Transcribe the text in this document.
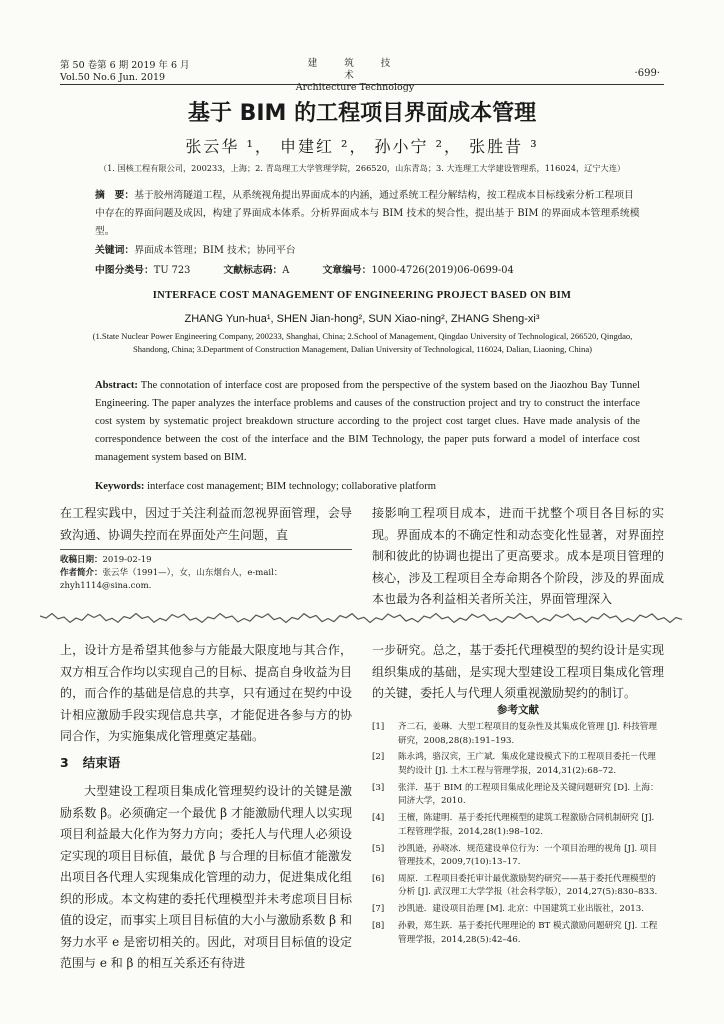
第 50 卷第 6 期 2019 年 6 月
Vol.50 No.6 Jun. 2019
建 筑 技 术
Architecture Technology
·699·
基于 BIM 的工程项目界面成本管理
张云华 ¹， 申建红 ²， 孙小宁 ²， 张胜昔 ³
（1. 国核工程有限公司，200233，上海；2. 青岛理工大学管理学院，266520，山东青岛；3. 大连理工大学建设管理系，116024，辽宁大连）
摘　要：基于胶州湾隧道工程，从系统视角提出界面成本的内涵，通过系统工程分解结构，按工程成本目标线索分析工程项目中存在的界面问题及成因，构建了界面成本体系。分析界面成本与 BIM 技术的契合性，提出基于 BIM 的界面成本管理系统模型。
关键词：界面成本管理；BIM 技术；协同平台
中图分类号：TU 723	文献标志码：A	文章编号：1000-4726(2019)06-0699-04
INTERFACE COST MANAGEMENT OF ENGINEERING PROJECT BASED ON BIM
ZHANG Yun-hua¹, SHEN Jian-hong², SUN Xiao-ning², ZHANG Sheng-xi³
(1.State Nuclear Power Engineering Company, 200233, Shanghai, China; 2.School of Management, Qingdao University of Technological, 266520, Qingdao, Shandong, China; 3.Department of Construction Management, Dalian University of Technological, 116024, Dalian, Liaoning, China)
Abstract: The connotation of interface cost are proposed from the perspective of the system based on the Jiaozhou Bay Tunnel Engineering. The paper analyzes the interface problems and causes of the construction project and try to construct the interface cost system by systematic project breakdown structure according to the project cost target clues. Have made analysis of the correspondence between the cost of the interface and the BIM Technology, the paper puts forward a model of interface cost management system based on BIM.
Keywords: interface cost management; BIM technology; collaborative platform
在工程实践中，因过于关注利益而忽视界面管理，会导致沟通、协调失控而在界面处产生问题，直
接影响工程项目成本，进而干扰整个项目各目标的实现。界面成本的不确定性和动态变化性显著，对界面控制和彼此的协调也提出了更高要求。成本是项目管理的核心，涉及工程项目全寿命期各个阶段，涉及的界面成本也最为各利益相关者所关注，界面管理深入
收稿日期：2019-02-19
作者简介：张云华（1991—），女，山东烟台人，e-mail：zhyh1114@sina.com.
上，设计方是希望其他参与方能最大限度地与其合作，双方相互合作均以实现自己的目标、提高自身收益为目的，而合作的基础是信息的共享，只有通过在契约中设计相应激励手段实现信息共享，才能促进各参与方的协同合作，为实施集成化管理奠定基础。
3 结束语
大型建设工程项目集成化管理契约设计的关键是激励系数 β。必须确定一个最优 β 才能激励代理人以实现项目利益最大化作为努力方向；委托人与代理人必须设定实现的项目目标值，最优 β 与合理的目标值才能激发出项目各代理人实现集成化管理的动力，促进集成化组织的形成。本文构建的委托代理模型并未考虑项目目标值的设定，而事实上项目目标值的大小与激励系数 β 和努力水平 e 是密切相关的。因此，对项目目标值的设定范围与 e 和 β 的相互关系还有待进
一步研究。总之，基于委托代理模型的契约设计是实现组织集成的基础，是实现大型建设工程项目集成化管理的关键，委托人与代理人须重视激励契约的制订。
参考文献
[1]	齐二石，姜琳．大型工程项目的复杂性及其集成化管理 [J]. 科技管理研究，2008,28(8):191–193.
[2]	陈永鸿，骆汉宾，王广斌．集成化建设模式下的工程项目委托－代理契约设计 [J]. 土木工程与管理学报，2014,31(2):68–72.
[3]	张洋．基于 BIM 的工程项目集成化理论及关键问题研究 [D]. 上海：同济大学，2010.
[4]	王檀，陈建明．基于委托代理模型的建筑工程激励合同机制研究 [J]. 工程管理学报，2014,28(1):98–102.
[5]	沙凯逊，孙晓冰．规范建设单位行为：一个项目治理的视角 [J]. 项目管理技术，2009,7(10):13–17.
[6]	周原．工程项目委托审计最优激励契约研究——基于委托代理模型的分析 [J]. 武汉理工大学学报（社会科学版），2014,27(5):830–833.
[7]	沙凯逊．建设项目治理 [M]. 北京：中国建筑工业出版社，2013.
[8]	孙毅，郑生跃．基于委托代理理论的 BT 模式激励问题研究 [J]. 工程管理学报，2014,28(5):42–46.
